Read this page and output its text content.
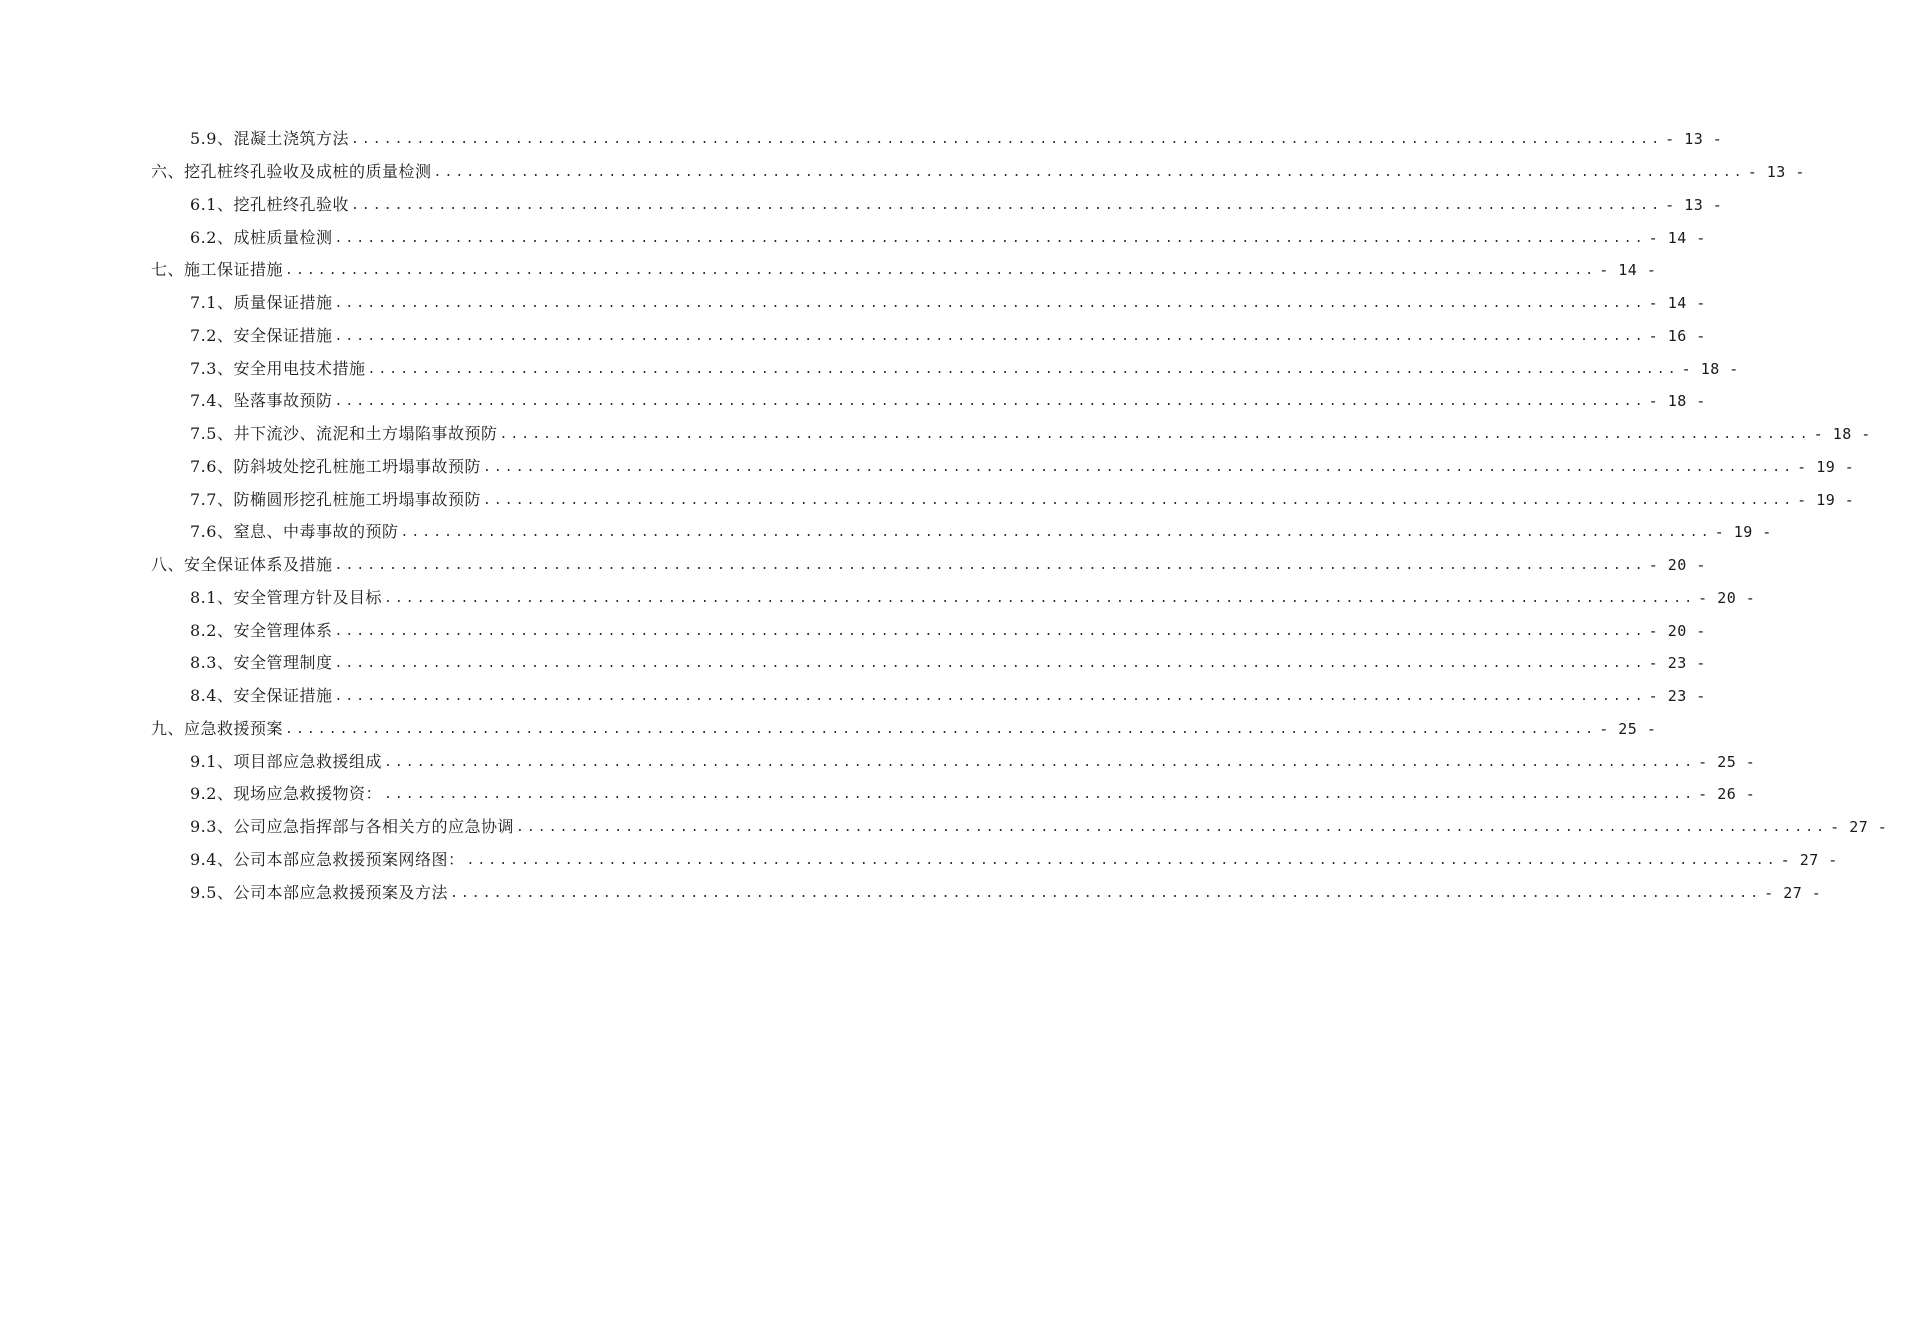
5.9、混凝土浇筑方法 ........................................................................................................................ - 13 -
六、挖孔桩终孔验收及成桩的质量检测 ........................................................................................................................ - 13 -
6.1、挖孔桩终孔验收 ........................................................................................................................ - 13 -
6.2、成桩质量检测 ........................................................................................................................ - 14 -
七、施工保证措施 ........................................................................................................................ - 14 -
7.1、质量保证措施 ........................................................................................................................ - 14 -
7.2、安全保证措施 ........................................................................................................................ - 16 -
7.3、安全用电技术措施 ........................................................................................................................ - 18 -
7.4、坠落事故预防 ........................................................................................................................ - 18 -
7.5、井下流沙、流泥和土方塌陷事故预防 ........................................................................................................................ - 18 -
7.6、防斜坡处挖孔桩施工坍塌事故预防 ........................................................................................................................ - 19 -
7.7、防椭圆形挖孔桩施工坍塌事故预防 ........................................................................................................................ - 19 -
7.6、窒息、中毒事故的预防 ........................................................................................................................ - 19 -
八、安全保证体系及措施 ........................................................................................................................ - 20 -
8.1、安全管理方针及目标 ........................................................................................................................ - 20 -
8.2、安全管理体系 ........................................................................................................................ - 20 -
8.3、安全管理制度 ........................................................................................................................ - 23 -
8.4、安全保证措施 ........................................................................................................................ - 23 -
九、应急救援预案 ........................................................................................................................ - 25 -
9.1、项目部应急救援组成 ........................................................................................................................ - 25 -
9.2、现场应急救援物资： ........................................................................................................................ - 26 -
9.3、公司应急指挥部与各相关方的应急协调 ........................................................................................................................ - 27 -
9.4、公司本部应急救援预案网络图： ........................................................................................................................ - 27 -
9.5、公司本部应急救援预案及方法 ........................................................................................................................ - 27 -
